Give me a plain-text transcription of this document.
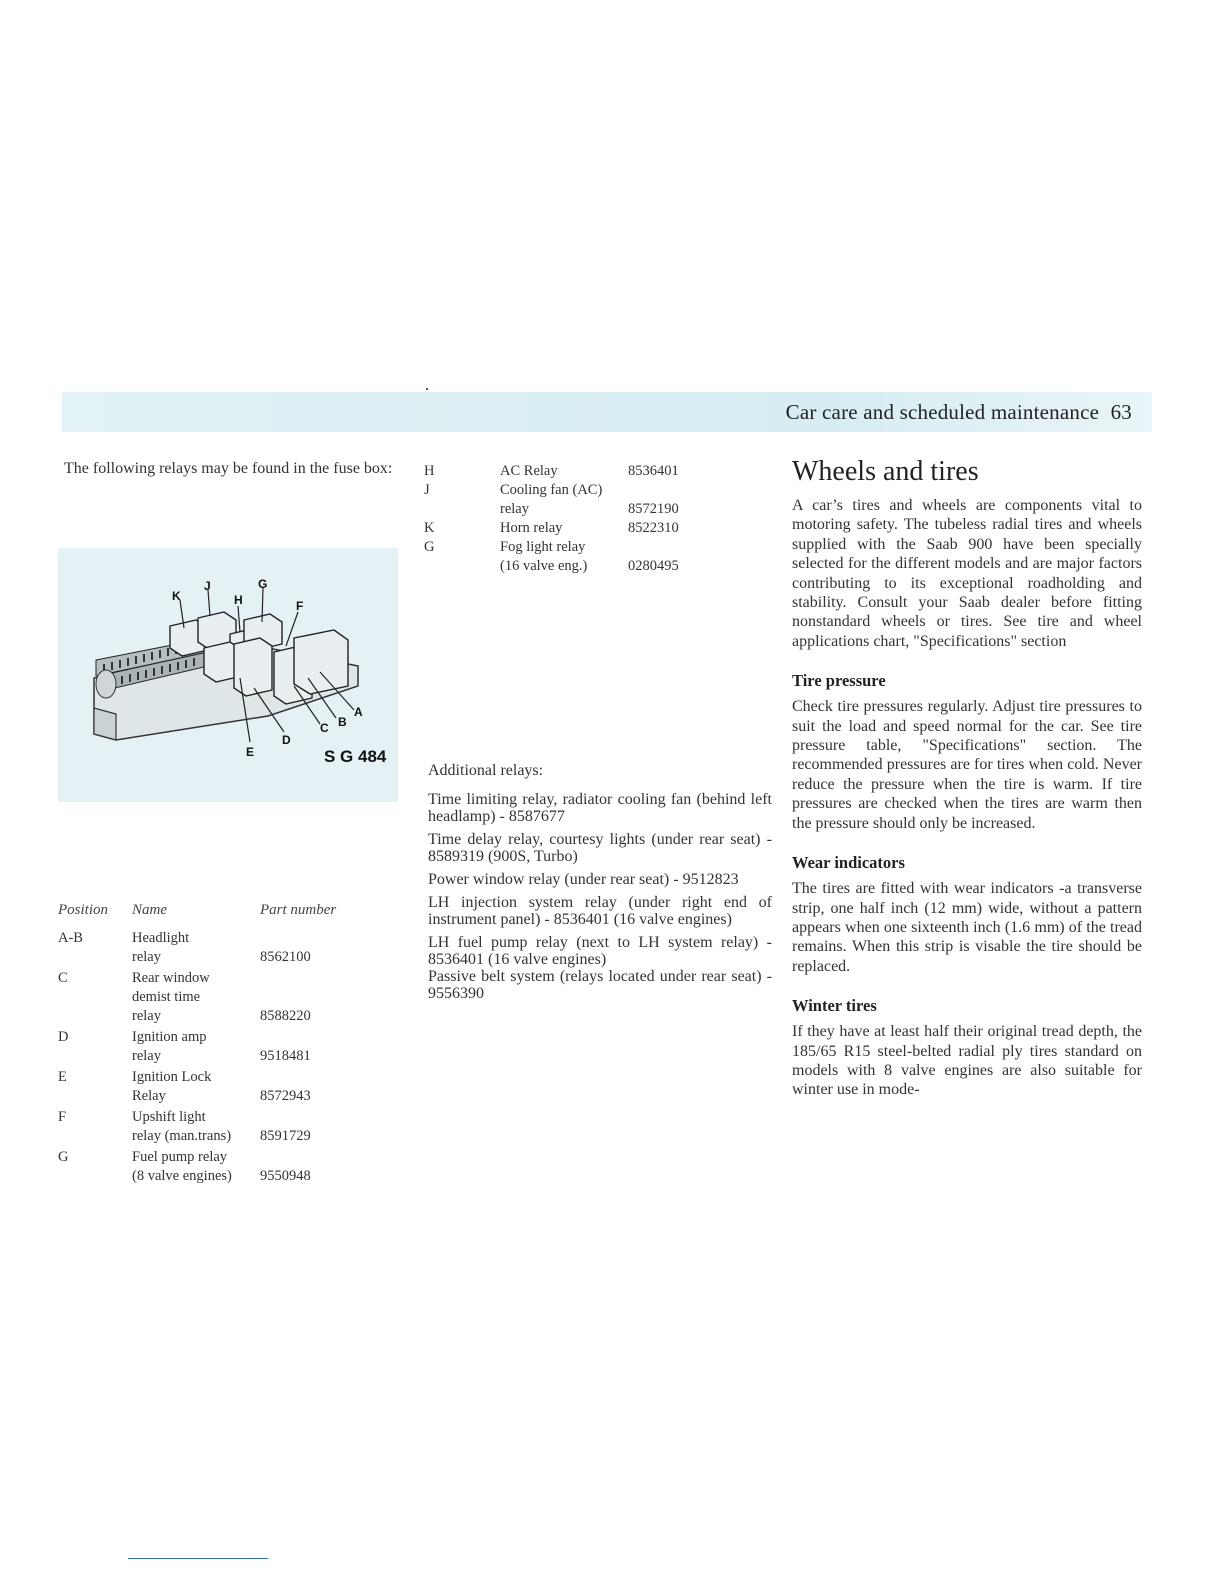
Car care and scheduled maintenance 63
The following relays may be found in the fuse box:
K
J
H
G
F
A
B
C
D
E	S G 484
Position	Name	Part number
A-B	Headlight
relay	8562100
C	Rear window
demist time
relay	8588220
D	Ignition amp
relay	9518481
E	Ignition Lock
Relay	8572943
F	Upshift light
relay (man.trans)	8591729
G	Fuel pump relay
(8 valve engines)	9550948
H	AC Relay	8536401
J	Cooling fan (AC)
relay	8572190
K	Horn relay	8522310
G	Fog light relay
(16 valve eng.)	0280495

Additional relays:

Time limiting relay, radiator cooling fan (behind left headlamp) - 8587677

Time delay relay, courtesy lights (under rear seat) - 8589319 (900S, Turbo)

Power window relay (under rear seat) - 9512823

LH injection system relay (under right end of instrument panel) - 8536401 (16 valve engines)

LH fuel pump relay (next to LH system relay) - 8536401 (16 valve engines)

Passive belt system (relays located under rear seat) - 9556390

Wheels and tires

A car’s tires and wheels are components vital to motoring safety. The tubeless radial tires and wheels supplied with the Saab 900 have been specially selected for the different models and are major factors contributing to its exceptional roadholding and stability. Consult your Saab dealer before fitting nonstandard wheels or tires. See tire and wheel applications chart, "Specifications" section

Tire pressure

Check tire pressures regularly. Adjust tire pressures to suit the load and speed normal for the car. See tire pressure table, "Specifications" section. The recommended pressures are for tires when cold. Never reduce the pressure when the tire is warm. If tire pressures are checked when the tires are warm then the pressure should only be increased.

Wear indicators

The tires are fitted with wear indicators -a transverse strip, one half inch (12 mm) wide, without a pattern appears when one sixteenth inch (1.6 mm) of the tread remains. When this strip is visable the tire should be replaced.

Winter tires

If they have at least half their original tread depth, the 185/65 R15 steel-belted radial ply tires standard on models with 8 valve engines are also suitable for winter use in mode-
